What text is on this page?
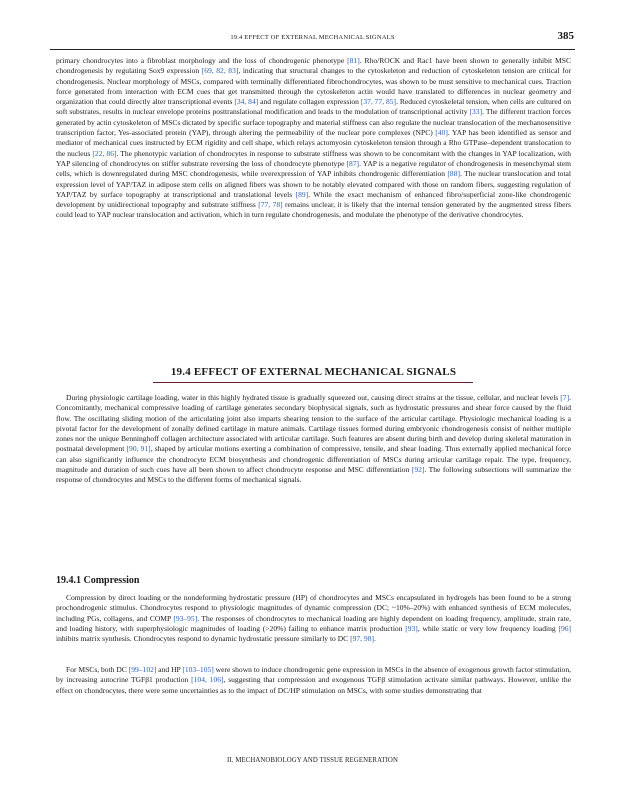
19.4 EFFECT OF EXTERNAL MECHANICAL SIGNALS	385

primary chondrocytes into a fibroblast morphology and the loss of chondrogenic phenotype [81]. Rho/ROCK and Rac1 have been shown to generally inhibit MSC chondrogenesis by regulating Sox9 expression [69, 82, 83], indicating that structural changes to the cytoskeleton and reduction of cytoskeleton tension are critical for chondrogenesis. Nuclear morphology of MSCs, compared with terminally differentiated fibrochondrocytes, was shown to be must sensitive to mechanical cues. Traction force generated from interaction with ECM cues that get transmitted through the cytoskeleton actin would have translated to differences in nuclear geometry and organization that could directly alter transcriptional events [34, 84] and regulate collagen expression [37, 77, 85]. Reduced cytoskeletal tension, when cells are cultured on soft substrates, results in nuclear envelope proteins posttranslational modification and leads to the modulation of transcriptional activity [33]. The different traction forces generated by actin cytoskeleton of MSCs dictated by specific surface topography and material stiffness can also regulate the nuclear translocation of the mechanosensitive transcription factor, Yes-associated protein (YAP), through altering the permeability of the nuclear pore complexes (NPC) [40]. YAP has been identified as sensor and mediator of mechanical cues instructed by ECM rigidity and cell shape, which relays actomyosin cytoskeleton tension through a Rho GTPase–dependent translocation to the nucleus [22, 86]. The phenotypic variation of chondrocytes in response to substrate stiffness was shown to be concomitant with the changes in YAP localization, with YAP silencing of chondrocytes on stiffer substrate reversing the loss of chondrocyte phenotype [87]. YAP is a negative regulator of chondrogenesis in mesenchymal stem cells, which is downregulated during MSC chondrogenesis, while overexpression of YAP inhibits chondrogenic differentiation [88]. The nuclear translocation and total expression level of YAP/TAZ in adipose stem cells on aligned fibers was shown to be notably elevated compared with those on random fibers, suggesting regulation of YAP/TAZ by surface topography at transcriptional and translational levels [89]. While the exact mechanism of enhanced fibro/superficial zone-like chondrogenic development by unidirectional topography and substrate stiffness [77, 78] remains unclear, it is likely that the internal tension generated by the augmented stress fibers could lead to YAP nuclear translocation and activation, which in turn regulate chondrogenesis, and modulate the phenotype of the derivative chondrocytes.

19.4 EFFECT OF EXTERNAL MECHANICAL SIGNALS

During physiologic cartilage loading, water in this highly hydrated tissue is gradually squeezed out, causing direct strains at the tissue, cellular, and nuclear levels [7]. Concomitantly, mechanical compressive loading of cartilage generates secondary biophysical signals, such as hydrostatic pressures and shear force caused by the fluid flow. The oscillating sliding motion of the articulating joint also imparts shearing tension to the surface of the articular cartilage. Physiologic mechanical loading is a pivotal factor for the development of zonally defined cartilage in mature animals. Cartilage tissues formed during embryonic chondrogenesis consist of neither multiple zones nor the unique Benninghoff collagen architecture associated with articular cartilage. Such features are absent during birth and develop during skeletal maturation in postnatal development [90, 91], shaped by articular motions exerting a combination of compressive, tensile, and shear loading. Thus externally applied mechanical force can also significantly influence the chondrocyte ECM biosynthesis and chondrogenic differentiation of MSCs during articular cartilage repair. The type, frequency, magnitude and duration of such cues have all been shown to affect chondrocyte response and MSC differentiation [92]. The following subsections will summarize the response of chondrocytes and MSCs to the different forms of mechanical signals.

19.4.1 Compression

Compression by direct loading or the nondeforming hydrostatic pressure (HP) of chondrocytes and MSCs encapsulated in hydrogels has been found to be a strong prochondrogenic stimulus. Chondrocytes respond to physiologic magnitudes of dynamic compression (DC; ~10%–20%) with enhanced synthesis of ECM molecules, including PGs, collagens, and COMP [93–95]. The responses of chondrocytes to mechanical loading are highly dependent on loading frequency, amplitude, strain rate, and loading history, with superphysiologic magnitudes of loading (>20%) failing to enhance matrix production [93], while static or very low frequency loading [96] inhibits matrix synthesis. Chondrocytes respond to dynamic hydrostatic pressure similarly to DC [97, 98].

For MSCs, both DC [99–102] and HP [103–105] were shown to induce chondrogenic gene expression in MSCs in the absence of exogenous growth factor stimulation, by increasing autocrine TGFβ1 production [104, 106], suggesting that compression and exogenous TGFβ stimulation activate similar pathways. However, unlike the effect on chondrocytes, there were some uncertainties as to the impact of DC/HP stimulation on MSCs, with some studies demonstrating that

II. MECHANOBIOLOGY AND TISSUE REGENERATION
